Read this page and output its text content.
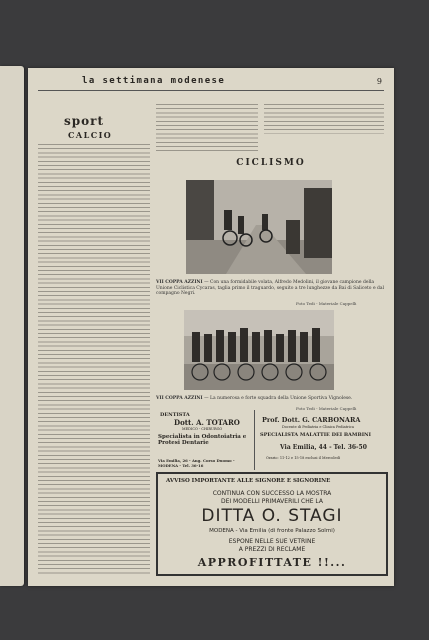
la settimana modenese	9
sport
CALCIO
CICLISMO
VII COPPA AZZINI — Con una formidabile volata, Alfredo Medolini, il giovane campione della Unione Ciclistica Cycaras, taglia primo il traguardo, seguito a tre lunghezze da Bai di Saliceto e dal compagno Negri.
Foto Tedi - Materiale Cappelli
VII COPPA AZZINI — La numerosa e forte squadra della Unione Sportiva Vignolese.
Foto Tedi - Materiale Cappelli
DENTISTA
Dott. A. TOTARO
MEDICO - CHIRURGO
Specialista in Odontoiatria e Protesi Dentarie
Via Emilia, 26 - Ang. Corso Duomo - MODENA - Tel. 36-16
Prof. Dott. G. CARBONARA
Docente di Pediatria e Clinica Pediatrica
SPECIALISTA MALATTIE DEI BAMBINI
Via Emilia, 44 - Tel. 36-50
Orario: 11-12 e 15-18 esclusi il Mercoledì
AVVISO IMPORTANTE ALLE SIGNORE E SIGNORINE
CONTINUA CON SUCCESSO LA MOSTRA
DEI MODELLI PRIMAVERILI CHE LA
DITTA O. STAGI
MODENA - Via Emilia (di fronte Palazzo Solmi)
ESPONE NELLE SUE VETRINE
A PREZZI DI RECLAME
APPROFITTATE !!...
